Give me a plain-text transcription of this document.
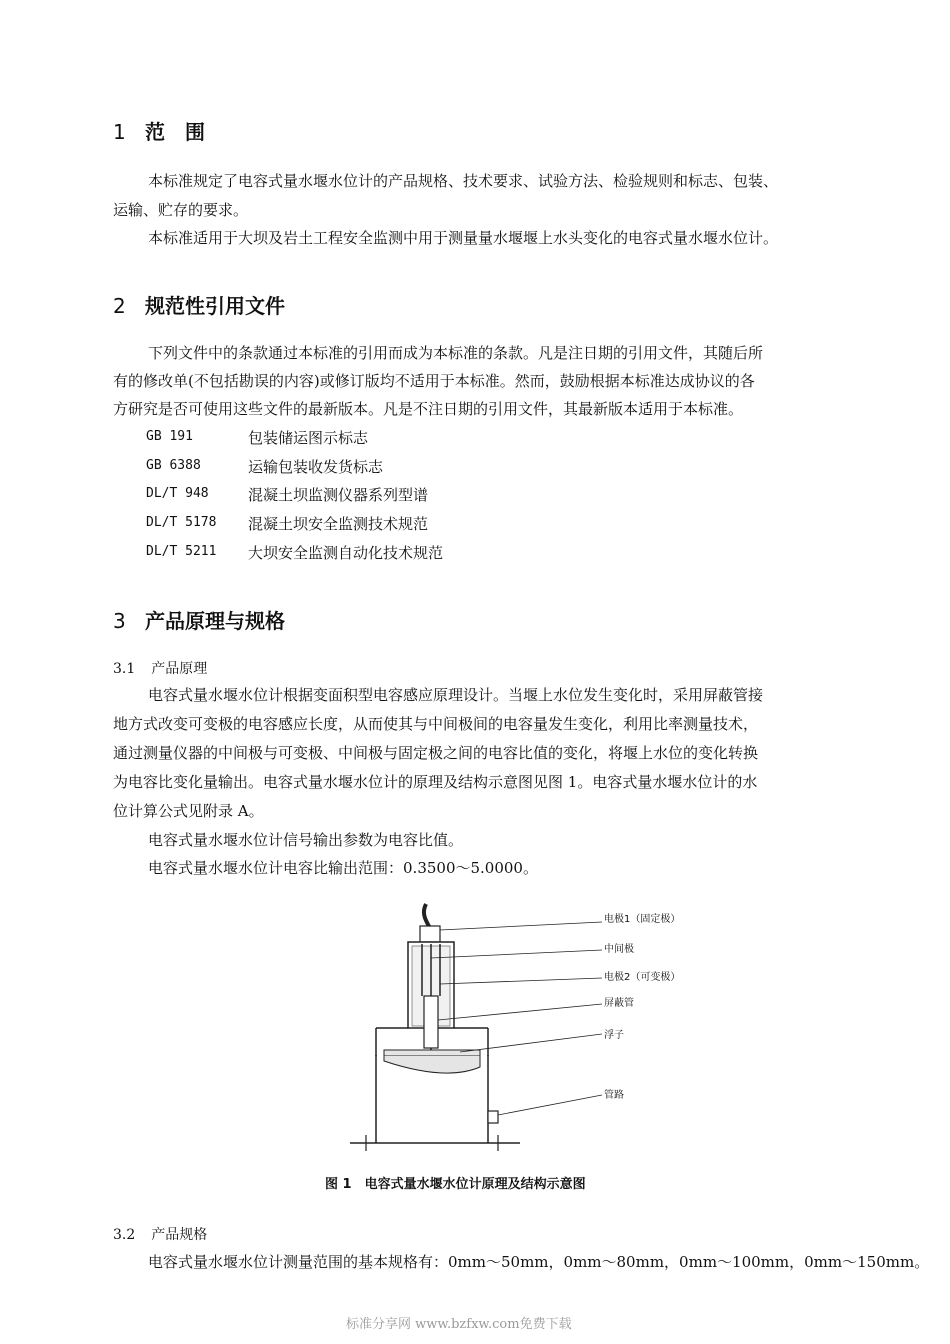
1 范　围
本标准规定了电容式量水堰水位计的产品规格、技术要求、试验方法、检验规则和标志、包装、
运输、贮存的要求。
本标准适用于大坝及岩土工程安全监测中用于测量量水堰堰上水头变化的电容式量水堰水位计。
2 规范性引用文件
下列文件中的条款通过本标准的引用而成为本标准的条款。凡是注日期的引用文件，其随后所
有的修改单(不包括勘误的内容)或修订版均不适用于本标准。然而，鼓励根据本标准达成协议的各
方研究是否可使用这些文件的最新版本。凡是不注日期的引用文件，其最新版本适用于本标准。
GB 191	包装储运图示标志
GB 6388	运输包装收发货标志
DL/T 948	混凝土坝监测仪器系列型谱
DL/T 5178 混凝土坝安全监测技术规范
DL/T 5211 大坝安全监测自动化技术规范
3 产品原理与规格
3.1 产品原理
电容式量水堰水位计根据变面积型电容感应原理设计。当堰上水位发生变化时，采用屏蔽管接
地方式改变可变极的电容感应长度，从而使其与中间极间的电容量发生变化，利用比率测量技术，
通过测量仪器的中间极与可变极、中间极与固定极之间的电容比值的变化，将堰上水位的变化转换
为电容比变化量输出。电容式量水堰水位计的原理及结构示意图见图 1。电容式量水堰水位计的水
位计算公式见附录 A。
电容式量水堰水位计信号输出参数为电容比值。
电容式量水堰水位计电容比输出范围：0.3500～5.0000。
电极1（固定极）
中间极
电极2（可变极）
屏蔽管
浮子
管路
图 1　电容式量水堰水位计原理及结构示意图
3.2 产品规格
电容式量水堰水位计测量范围的基本规格有：0mm～50mm，0mm～80mm，0mm～100mm，0mm～150mm。
标准分享网 www.bzfxw.com免费下载
